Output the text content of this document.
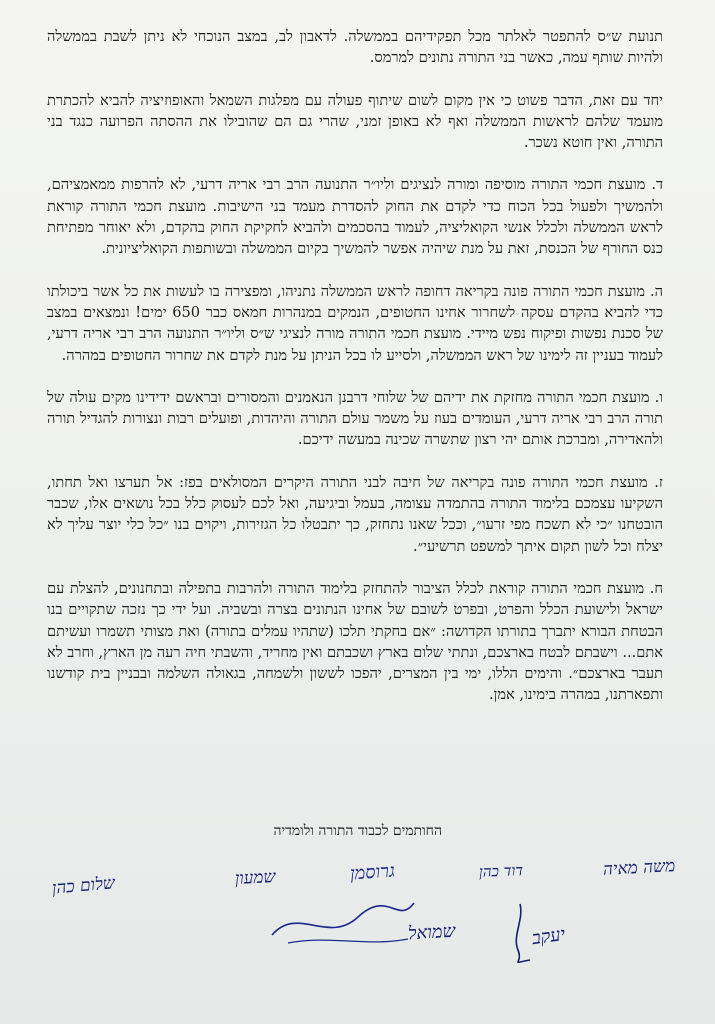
תנועת ש״ס להתפטר לאלתר מכל תפקידיהם בממשלה. לדאבון לב, במצב הנוכחי לא ניתן לשבת בממשלה ולהיות שותף עמה, כאשר בני התורה נתונים למרמס.

יחד עם זאת, הדבר פשוט כי אין מקום לשום שיתוף פעולה עם מפלגות השמאל והאופוזיציה להביא להכתרת מועמד שלהם לראשות הממשלה ואף לא באופן זמני, שהרי גם הם שהובילו את ההסתה הפרועה כנגד בני התורה, ואין חוטא נשכר.

ד. מועצת חכמי התורה מוסיפה ומורה לנציגים וליו״ר התנועה הרב רבי אריה דרעי, לא להרפות ממאמציהם, ולהמשיך ולפעול בכל הכוח כדי לקדם את החוק להסדרת מעמד בני הישיבות. מועצת חכמי התורה קוראת לראש הממשלה ולכלל אנשי הקואליציה, לעמוד בהסכמים ולהביא לחקיקת החוק בהקדם, ולא יאוחר מפתיחת כנס החורף של הכנסת, זאת על מנת שיהיה אפשר להמשיך בקיום הממשלה ובשותפות הקואליציונית.

ה. מועצת חכמי התורה פונה בקריאה דחופה לראש הממשלה נתניהו, ומפצירה בו לעשות את כל אשר ביכולתו כדי להביא בהקדם עסקה לשחרור אחינו החטופים, הנמקים במנהרות חמאס כבר 650 ימים! ונמצאים במצב של סכנת נפשות ופיקוח נפש מיידי. מועצת חכמי התורה מורה לנציגי ש״ס וליו״ר התנועה הרב רבי אריה דרעי, לעמוד בעניין זה לימינו של ראש הממשלה, ולסייע לו בכל הניתן על מנת לקדם את שחרור החטופים במהרה.

ו. מועצת חכמי התורה מחזקת את ידיהם של שלוחי דרבנן הנאמנים והמסורים ובראשם ידידינו מקים עולה של תורה הרב רבי אריה דרעי, העומדים בעוז על משמר עולם התורה והיהדות, ופועלים רבות ונצורות להגדיל תורה ולהאדירה, ומברכת אותם יהי רצון שתשרה שכינה במעשה ידיכם.

ז. מועצת חכמי התורה פונה בקריאה של חיבה לבני התורה היקרים המסולאים בפז: אל תערצו ואל תחתו, השקיעו עצמכם בלימוד התורה בהתמדה עצומה, בעמל וביגיעה, ואל לכם לעסוק כלל בכל נושאים אלו, שכבר הובטחנו ״כי לא תשכח מפי זרעו״, וככל שאנו נתחזק, כך יתבטלו כל הגזירות, ויקוים בנו ״כל כלי יוצר עליך לא יצלח וכל לשון תקום איתך למשפט תרשיעי״.

ח. מועצת חכמי התורה קוראת לכלל הציבור להתחזק בלימוד התורה ולהרבות בתפילה ובתחנונים, להצלת עם ישראל ולישועת הכלל והפרט, ובפרט לשובם של אחינו הנתונים בצרה ובשביה. ועל ידי כך נזכה שתקויים בנו הבטחת הבורא יתברך בתורתו הקדושה: ״אם בחקתי תלכו (שתהיו עמלים בתורה) ואת מצותי תשמרו ועשיתם אתם... וישבתם לבטח בארצכם, ונתתי שלום בארץ ושכבתם ואין מחריד, והשבתי חיה רעה מן הארץ, וחרב לא תעבר בארצכם״. והימים הללו, ימי בין המצרים, יהפכו לששון ולשמחה, בגאולה השלמה ובבניין בית קודשנו ותפארתנו, במהרה בימינו, אמן.

החותמים לכבוד התורה ולומדיה
משה מאיה
דוד כהן
גרוסמן
שמעון
שלום כהן
שמואל	יעקב
